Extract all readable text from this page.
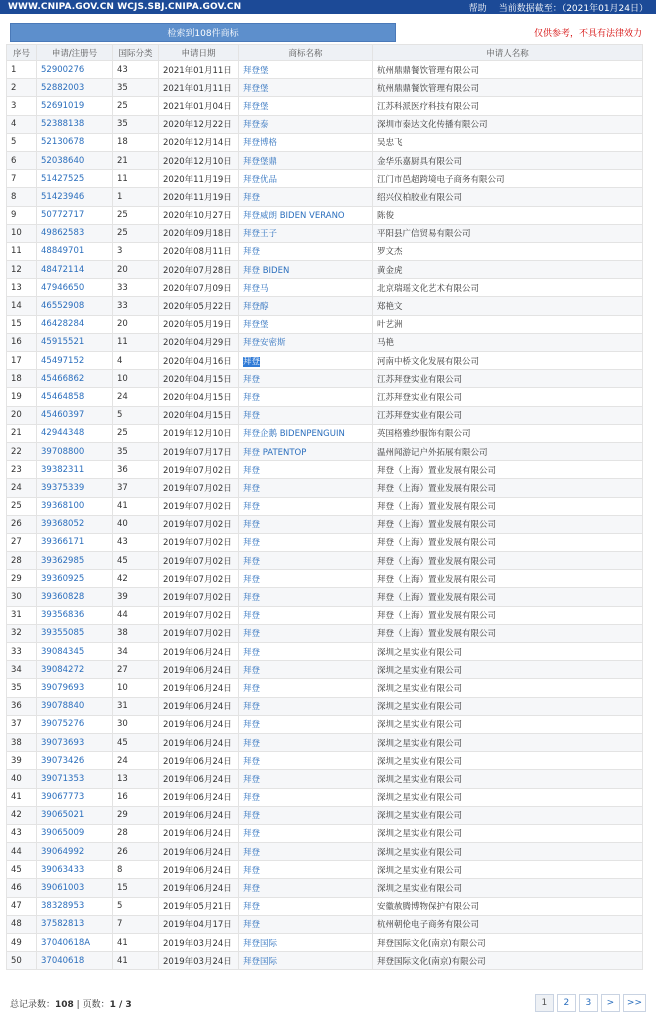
WWW.CNIPA.GOV.CN WCJS.SBJ.CNIPA.GOV.CN	帮助 当前数据截至：（2021年01月24日）
检索到108件商标	仅供参考，不具有法律效力
序号	申请/注册号	国际分类	申请日期	商标名称	申请人名称
1	52900276	43	2021年01月11日	拜登堡	杭州鼎鼎餐饮管理有限公司
2	52882003	35	2021年01月11日	拜登堡	杭州鼎鼎餐饮管理有限公司
3	52691019	25	2021年01月04日	拜登堡	江苏科派医疗科技有限公司
4	52388138	35	2020年12月22日	拜登泰	深圳市泰达文化传播有限公司
5	52130678	18	2020年12月14日	拜登博格	吴忠飞
6	52038640	21	2020年12月10日	拜登堡鼎	金华乐嘉厨具有限公司
7	51427525	11	2020年11月19日	拜登优品	江门市邑超跨境电子商务有限公司
8	51423946	1	2020年11月19日	拜登	绍兴仪柏胶业有限公司
9	50772717	25	2020年10月27日	拜登威朗 BIDEN VERANO	陈俊
10	49862583	25	2020年09月18日	拜登王子	平阳县广信贸易有限公司
11	48849701	3	2020年08月11日	拜登	罗文杰
12	48472114	20	2020年07月28日	拜登 BIDEN	黄金虎
13	47946650	33	2020年07月09日	拜登马	北京瑞瑶文化艺术有限公司
14	46552908	33	2020年05月22日	拜登醇	郑艳文
15	46428284	20	2020年05月19日	拜登堡	叶艺洲
16	45915521	11	2020年04月29日	拜登安密斯	马艳
17	45497152	4	2020年04月16日	拜登	河南中桥文化发展有限公司
18	45466862	10	2020年04月15日	拜登	江苏拜登实业有限公司
19	45464858	24	2020年04月15日	拜登	江苏拜登实业有限公司
20	45460397	5	2020年04月15日	拜登	江苏拜登实业有限公司
21	42944348	25	2019年12月10日	拜登企鹅 BIDENPENGUIN	英国格雅纱服饰有限公司
22	39708800	35	2019年07月17日	拜登 PATENTOP	温州闻游记户外拓展有限公司
23	39382311	36	2019年07月02日	拜登	拜登（上海）置业发展有限公司
24	39375339	37	2019年07月02日	拜登	拜登（上海）置业发展有限公司
25	39368100	41	2019年07月02日	拜登	拜登（上海）置业发展有限公司
26	39368052	40	2019年07月02日	拜登	拜登（上海）置业发展有限公司
27	39366171	43	2019年07月02日	拜登	拜登（上海）置业发展有限公司
28	39362985	45	2019年07月02日	拜登	拜登（上海）置业发展有限公司
29	39360925	42	2019年07月02日	拜登	拜登（上海）置业发展有限公司
30	39360828	39	2019年07月02日	拜登	拜登（上海）置业发展有限公司
31	39356836	44	2019年07月02日	拜登	拜登（上海）置业发展有限公司
32	39355085	38	2019年07月02日	拜登	拜登（上海）置业发展有限公司
33	39084345	34	2019年06月24日	拜登	深圳之星实业有限公司
34	39084272	27	2019年06月24日	拜登	深圳之星实业有限公司
35	39079693	10	2019年06月24日	拜登	深圳之星实业有限公司
36	39078840	31	2019年06月24日	拜登	深圳之星实业有限公司
37	39075276	30	2019年06月24日	拜登	深圳之星实业有限公司
38	39073693	45	2019年06月24日	拜登	深圳之星实业有限公司
39	39073426	24	2019年06月24日	拜登	深圳之星实业有限公司
40	39071353	13	2019年06月24日	拜登	深圳之星实业有限公司
41	39067773	16	2019年06月24日	拜登	深圳之星实业有限公司
42	39065021	29	2019年06月24日	拜登	深圳之星实业有限公司
43	39065009	28	2019年06月24日	拜登	深圳之星实业有限公司
44	39064992	26	2019年06月24日	拜登	深圳之星实业有限公司
45	39063433	8	2019年06月24日	拜登	深圳之星实业有限公司
46	39061003	15	2019年06月24日	拜登	深圳之星实业有限公司
47	38328953	5	2019年05月21日	拜登	安徽赦腾博物保护有限公司
48	37582813	7	2019年04月17日	拜登	杭州朝伦电子商务有限公司
49	37040618A	41	2019年03月24日	拜登国际	拜登国际文化(南京)有限公司
50	37040618	41	2019年03月24日	拜登国际	拜登国际文化(南京)有限公司
总记录数：108 | 页数：1 / 3	1	2	3	>	>>
